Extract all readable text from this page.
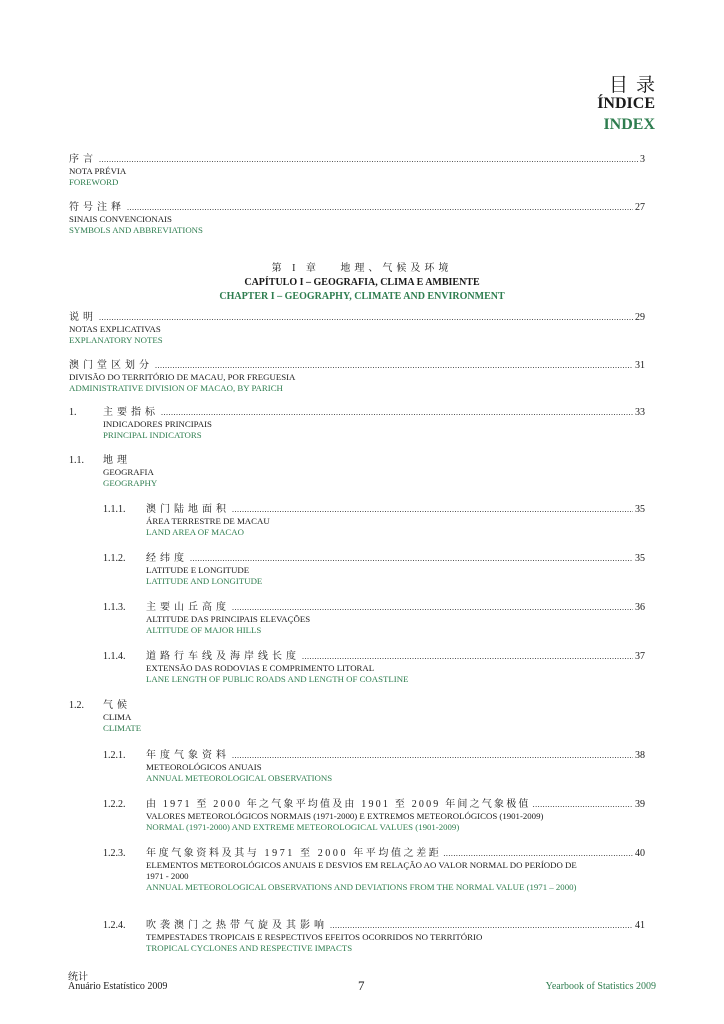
目录
ÍNDICE
INDEX
序言 .....	3
NOTA PRÉVIA
FOREWORD
符号注释 .....	27
SINAIS CONVENCIONAIS
SYMBOLS AND ABBREVIATIONS
第 I 章　 地理、气候及环境
CAPÍTULO I – GEOGRAFIA, CLIMA E AMBIENTE
CHAPTER I – GEOGRAPHY, CLIMATE AND ENVIRONMENT
说明 .....	29
NOTAS EXPLICATIVAS
EXPLANATORY NOTES
澳门堂区划分 .....	31
DIVISÃO DO TERRITÓRIO DE MACAU, POR FREGUESIA
ADMINISTRATIVE DIVISION OF MACAO, BY PARICH
1.	主要指标 .....	33
INDICADORES PRINCIPAIS
PRINCIPAL INDICATORS
1.1.	地理
GEOGRAFIA
GEOGRAPHY
1.1.1.	澳门陆地面积 .....	35
ÁREA TERRESTRE DE MACAU
LAND AREA OF MACAO
1.1.2.	经纬度 .....	35
LATITUDE E LONGITUDE
LATITUDE AND LONGITUDE
1.1.3.	主要山丘高度 .....	36
ALTITUDE DAS PRINCIPAIS ELEVAÇÕES
ALTITUDE OF MAJOR HILLS
1.1.4.	道路行车线及海岸线长度 .....	37
EXTENSÃO DAS RODOVIAS E COMPRIMENTO LITORAL
LANE LENGTH OF PUBLIC ROADS AND LENGTH OF COASTLINE
1.2.	气候
CLIMA
CLIMATE
1.2.1.	年度气象资料 .....	38
METEOROLÓGICOS ANUAIS
ANNUAL METEOROLOGICAL OBSERVATIONS
1.2.2.	由 1971 至 2000 年之气象平均值及由 1901 至 2009 年间之气象极值 .....	39
VALORES METEOROLÓGICOS NORMAIS (1971-2000) E EXTREMOS METEOROLÓGICOS (1901-2009)
NORMAL (1971-2000) AND EXTREME METEOROLOGICAL VALUES (1901-2009)
1.2.3.	年度气象资料及其与 1971 至 2000 年平均值之差距 .....	40
ELEMENTOS METEOROLÓGICOS ANUAIS E DESVIOS EM RELAÇÃO AO VALOR NORMAL DO PERÍODO DE 1971 - 2000
ANNUAL METEOROLOGICAL OBSERVATIONS AND DEVIATIONS FROM THE NORMAL VALUE (1971 – 2000)
1.2.4.	吹袭澳门之热带气旋及其影响 .....	41
TEMPESTADES TROPICAIS E RESPECTIVOS EFEITOS OCORRIDOS NO TERRITÓRIO
TROPICAL CYCLONES AND RESPECTIVE IMPACTS
统计
Anuário Estatístico 2009	7	Yearbook of Statistics 2009
